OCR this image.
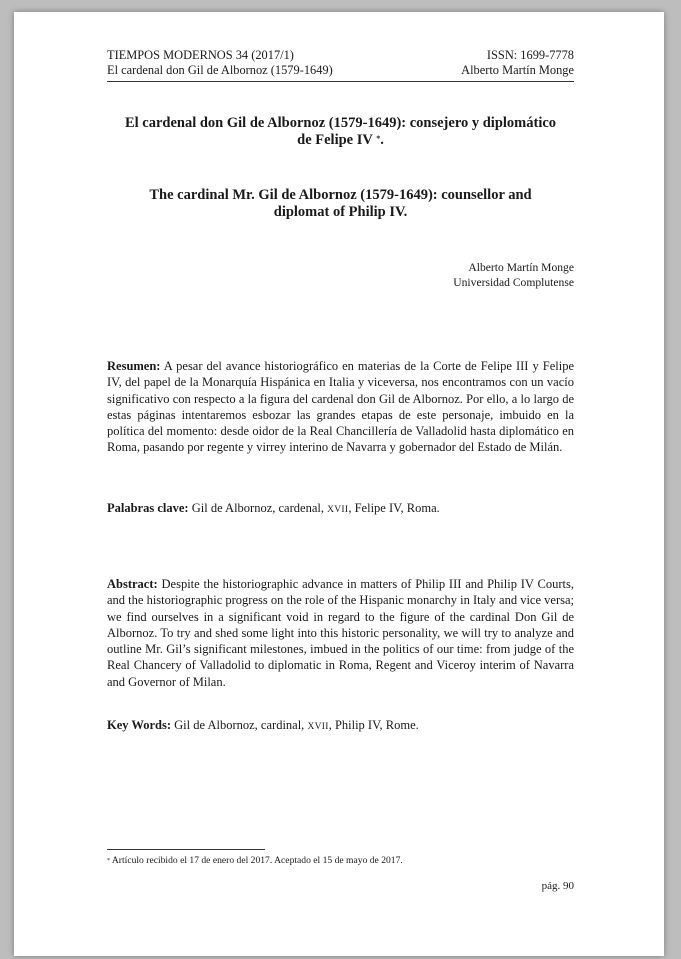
TIEMPOS MODERNOS 34 (2017/1)	ISSN: 1699-7778
El cardenal don Gil de Albornoz (1579-1649)	Alberto Martín Monge
El cardenal don Gil de Albornoz (1579-1649): consejero y diplomático
de Felipe IV *.
The cardinal Mr. Gil de Albornoz (1579-1649): counsellor and
diplomat of Philip IV.
Alberto Martín Monge
Universidad Complutense
Resumen: A pesar del avance historiográfico en materias de la Corte de Felipe III y Felipe IV, del papel de la Monarquía Hispánica en Italia y viceversa, nos encontramos con un vacío significativo con respecto a la figura del cardenal don Gil de Albornoz. Por ello, a lo largo de estas páginas intentaremos esbozar las grandes etapas de este personaje, imbuido en la política del momento: desde oidor de la Real Chancillería de Valladolid hasta diplomático en Roma, pasando por regente y virrey interino de Navarra y gobernador del Estado de Milán.
Palabras clave: Gil de Albornoz, cardenal, XVII, Felipe IV, Roma.
Abstract: Despite the historiographic advance in matters of Philip III and Philip IV Courts, and the historiographic progress on the role of the Hispanic monarchy in Italy and vice versa; we find ourselves in a significant void in regard to the figure of the cardinal Don Gil de Albornoz. To try and shed some light into this historic personality, we will try to analyze and outline Mr. Gil’s significant milestones, imbued in the politics of our time: from judge of the Real Chancery of Valladolid to diplomatic in Roma, Regent and Viceroy interim of Navarra and Governor of Milan.
Key Words: Gil de Albornoz, cardinal, XVII, Philip IV, Rome.
* Artículo recibido el 17 de enero del 2017. Aceptado el 15 de mayo de 2017.
pág. 90
